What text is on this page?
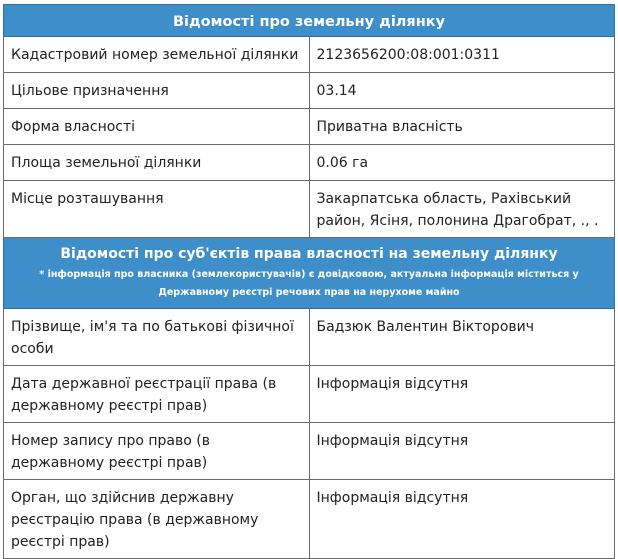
Відомості про земельну ділянку	
Кадастровий номер земельної ділянки	2123656200:08:001:0311
Цільове призначення	03.14
Форма власності	Приватна власність
Площа земельної ділянки	0.06 га
Місце розташування	Закарпатська область, Рахівський район, Ясіня, полонина Драгобрат, ., .

Відомості про суб'єктів права власності на земельну ділянку
* інформація про власника (землекористувачів) є довідковою, актуальна інформація міститься у Державному реєстрі речових прав на нерухоме майно	

Прізвище, ім'я та по батькові фізичної особи	Бадзюк Валентин Вікторович
Дата державної реєстрації права (в державному реєстрі прав)	Інформація відсутня
Номер запису про право (в державному реєстрі прав)	Інформація відсутня
Орган, що здійснив державну реєстрацію права (в державному реєстрі прав)	Інформація відсутня
